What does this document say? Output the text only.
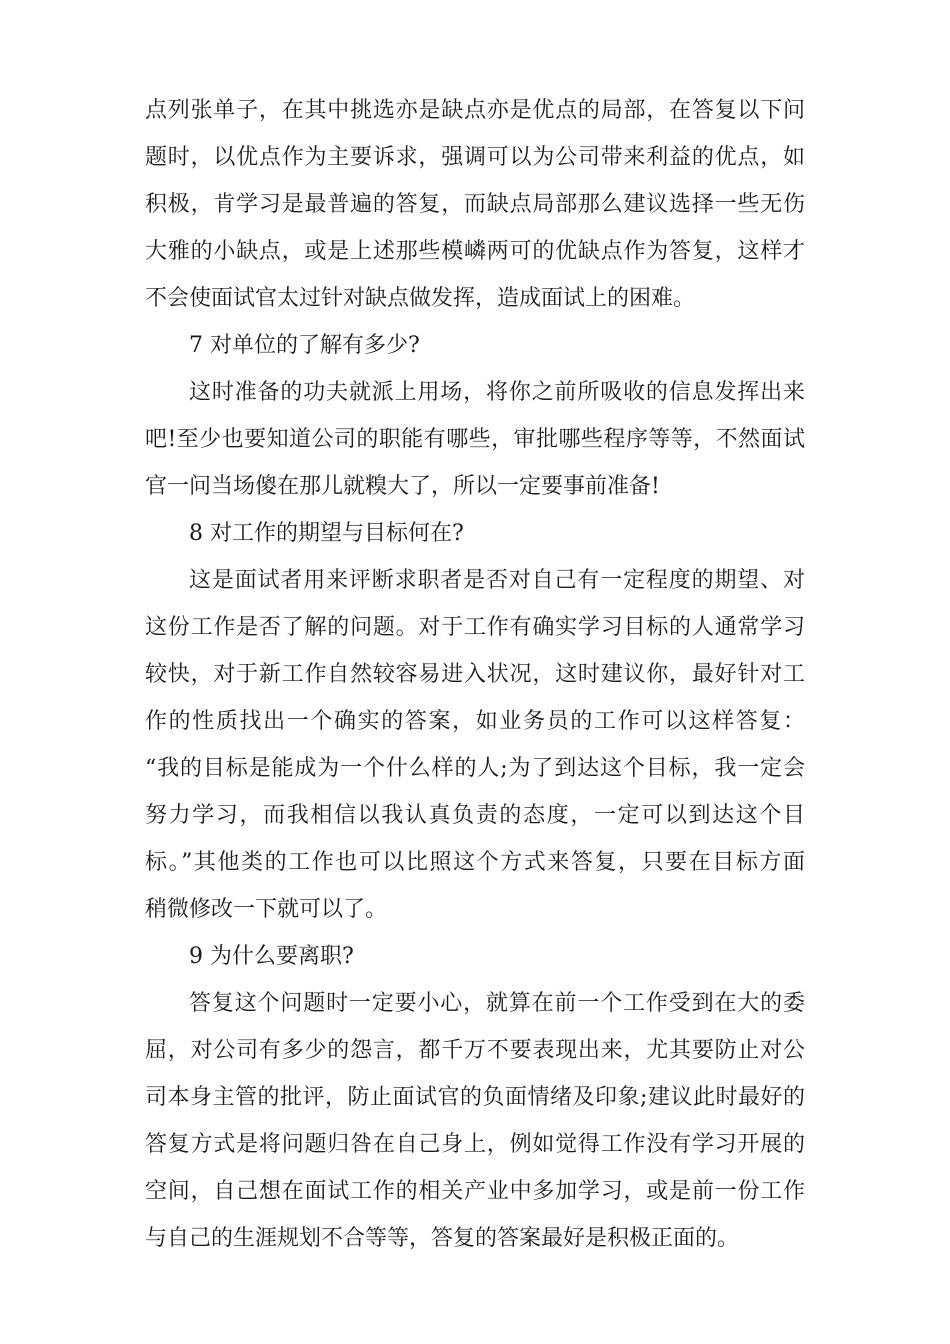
点列张单子，在其中挑选亦是缺点亦是优点的局部，在答复以下问
题时，以优点作为主要诉求，强调可以为公司带来利益的优点，如
积极，肯学习是最普遍的答复，而缺点局部那么建议选择一些无伤
大雅的小缺点，或是上述那些模嶙两可的优缺点作为答复，这样才
不会使面试官太过针对缺点做发挥，造成面试上的困难。
7 对单位的了解有多少?
这时准备的功夫就派上用场，将你之前所吸收的信息发挥出来
吧!至少也要知道公司的职能有哪些，审批哪些程序等等，不然面试
官一问当场傻在那儿就糗大了，所以一定要事前准备!
8 对工作的期望与目标何在?
这是面试者用来评断求职者是否对自己有一定程度的期望、对
这份工作是否了解的问题。对于工作有确实学习目标的人通常学习
较快，对于新工作自然较容易进入状况，这时建议你，最好针对工
作的性质找出一个确实的答案，如业务员的工作可以这样答复：
“我的目标是能成为一个什么样的人;为了到达这个目标，我一定会
努力学习，而我相信以我认真负责的态度，一定可以到达这个目
标。”其他类的工作也可以比照这个方式来答复，只要在目标方面
稍微修改一下就可以了。
9 为什么要离职?
答复这个问题时一定要小心，就算在前一个工作受到在大的委
屈，对公司有多少的怨言，都千万不要表现出来，尤其要防止对公
司本身主管的批评，防止面试官的负面情绪及印象;建议此时最好的
答复方式是将问题归咎在自己身上，例如觉得工作没有学习开展的
空间，自己想在面试工作的相关产业中多加学习，或是前一份工作
与自己的生涯规划不合等等，答复的答案最好是积极正面的。
